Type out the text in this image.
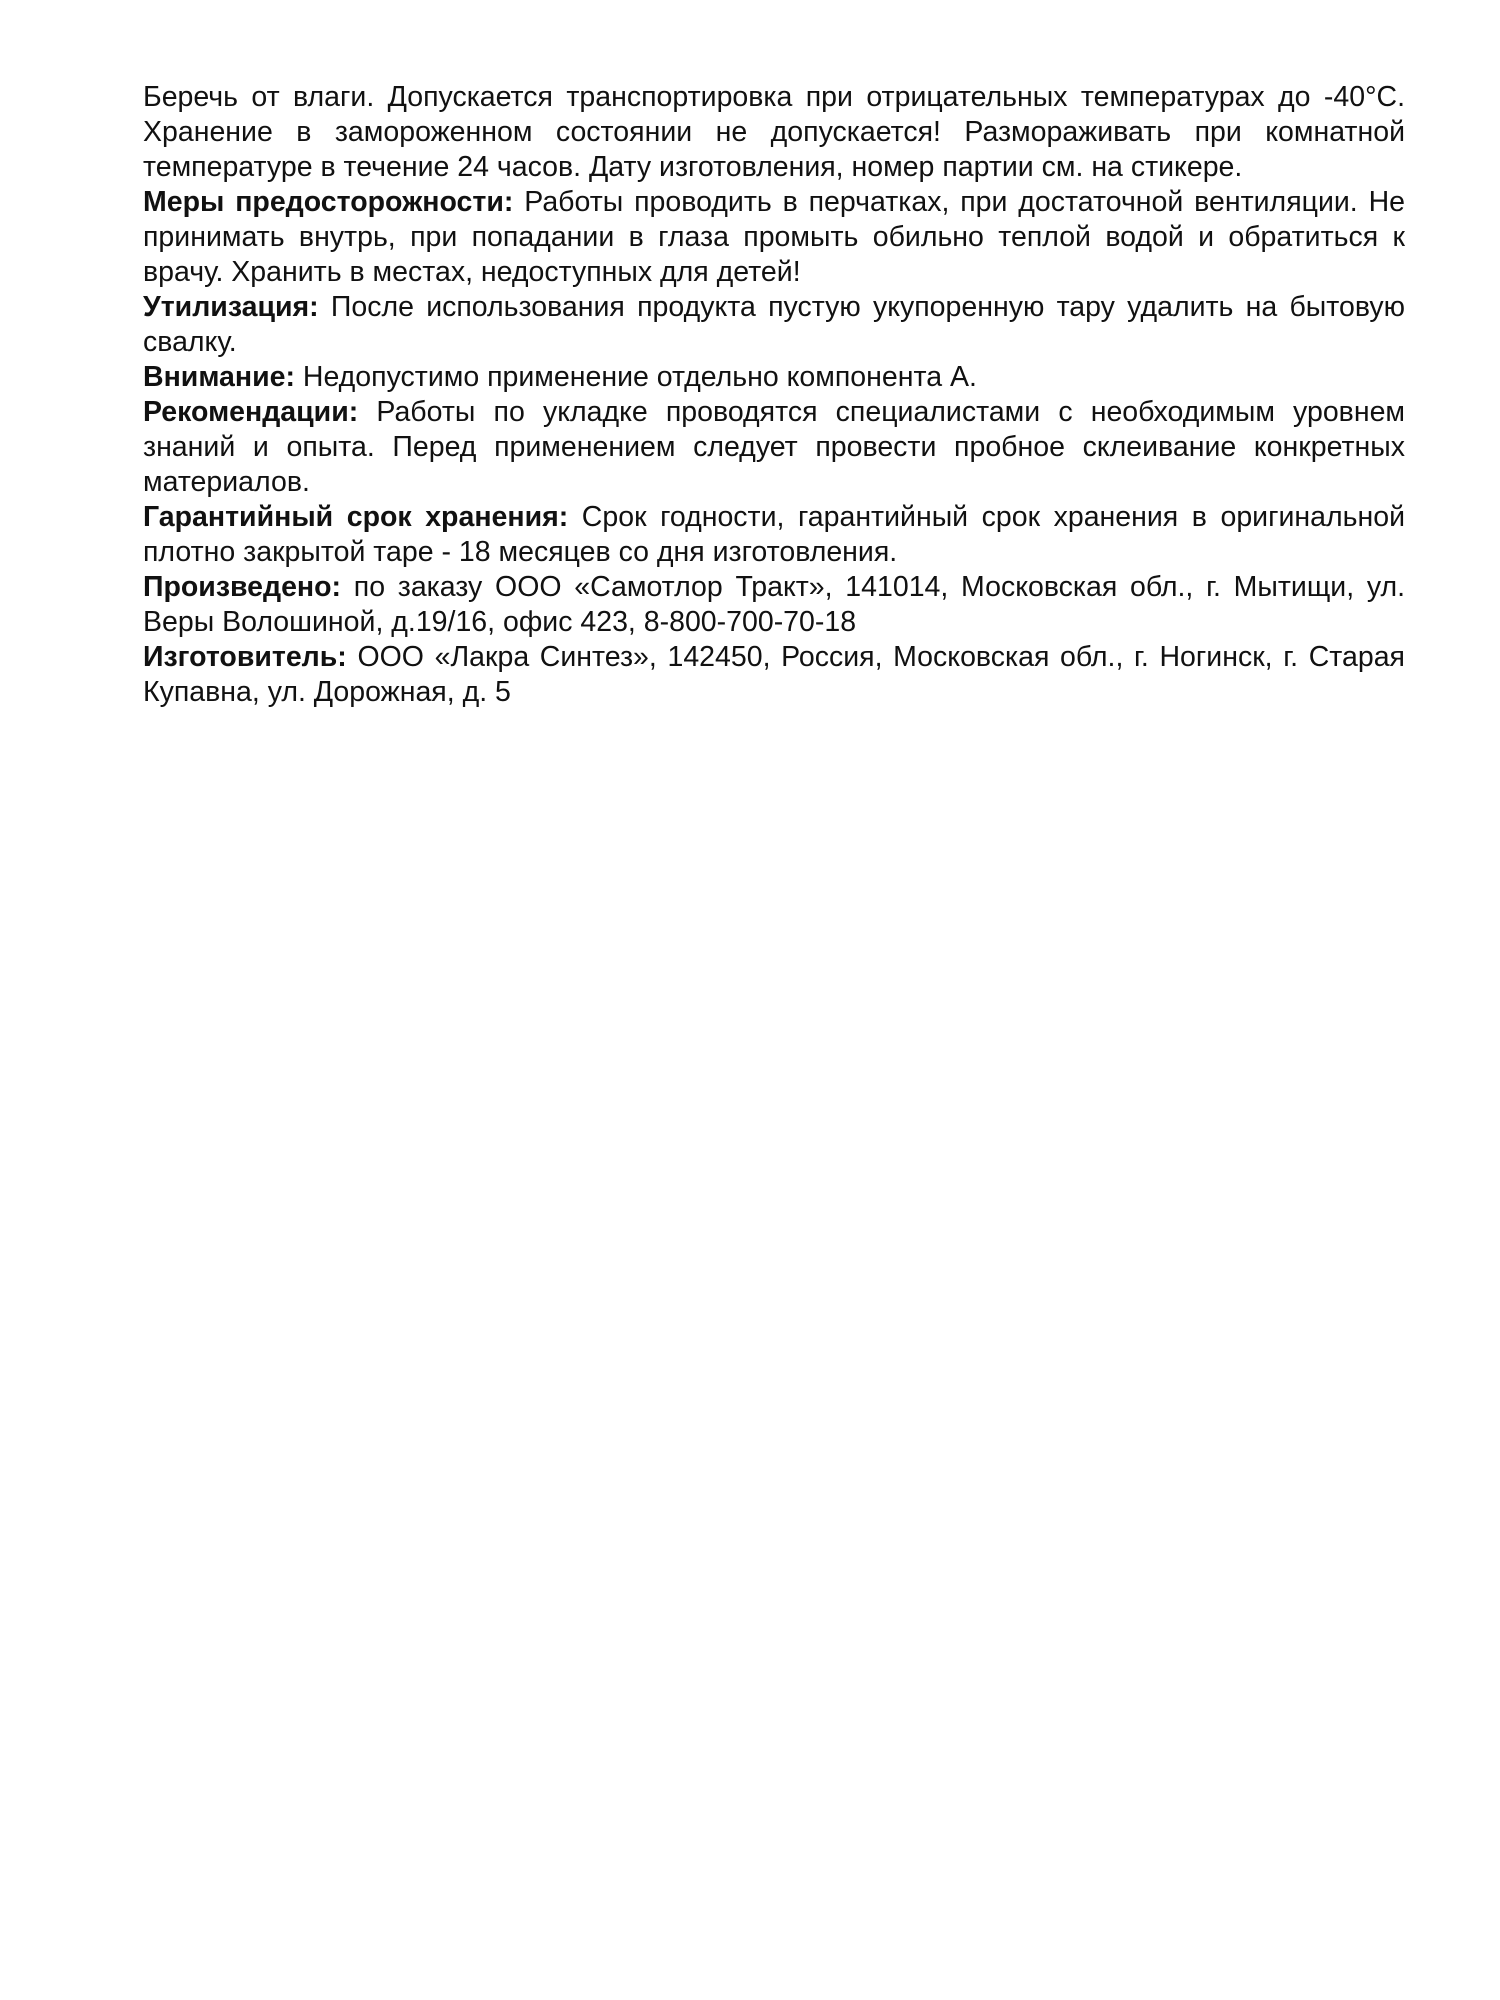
Беречь от влаги. Допускается транспортировка при отрицательных температурах до -40°С. Хранение в замороженном состоянии не допускается! Размораживать при комнатной температуре в течение 24 часов. Дату изготовления, номер партии см. на стикере.

Меры предосторожности: Работы проводить в перчатках, при достаточной вентиляции. Не принимать внутрь, при попадании в глаза промыть обильно теплой водой и обратиться к врачу. Хранить в местах, недоступных для детей!

Утилизация: После использования продукта пустую укупоренную тару удалить на бытовую свалку.

Внимание: Недопустимо применение отдельно компонента А.

Рекомендации: Работы по укладке проводятся специалистами с необходимым уровнем знаний и опыта. Перед применением следует провести пробное склеивание конкретных материалов.

Гарантийный срок хранения: Срок годности, гарантийный срок хранения в оригинальной плотно закрытой таре - 18 месяцев со дня изготовления.

Произведено: по заказу ООО «Самотлор Тракт», 141014, Московская обл., г. Мытищи, ул. Веры Волошиной, д.19/16, офис 423, 8-800-700-70-18

Изготовитель: ООО «Лакра Синтез», 142450, Россия, Московская обл., г. Ногинск, г. Старая Купавна, ул. Дорожная, д. 5
